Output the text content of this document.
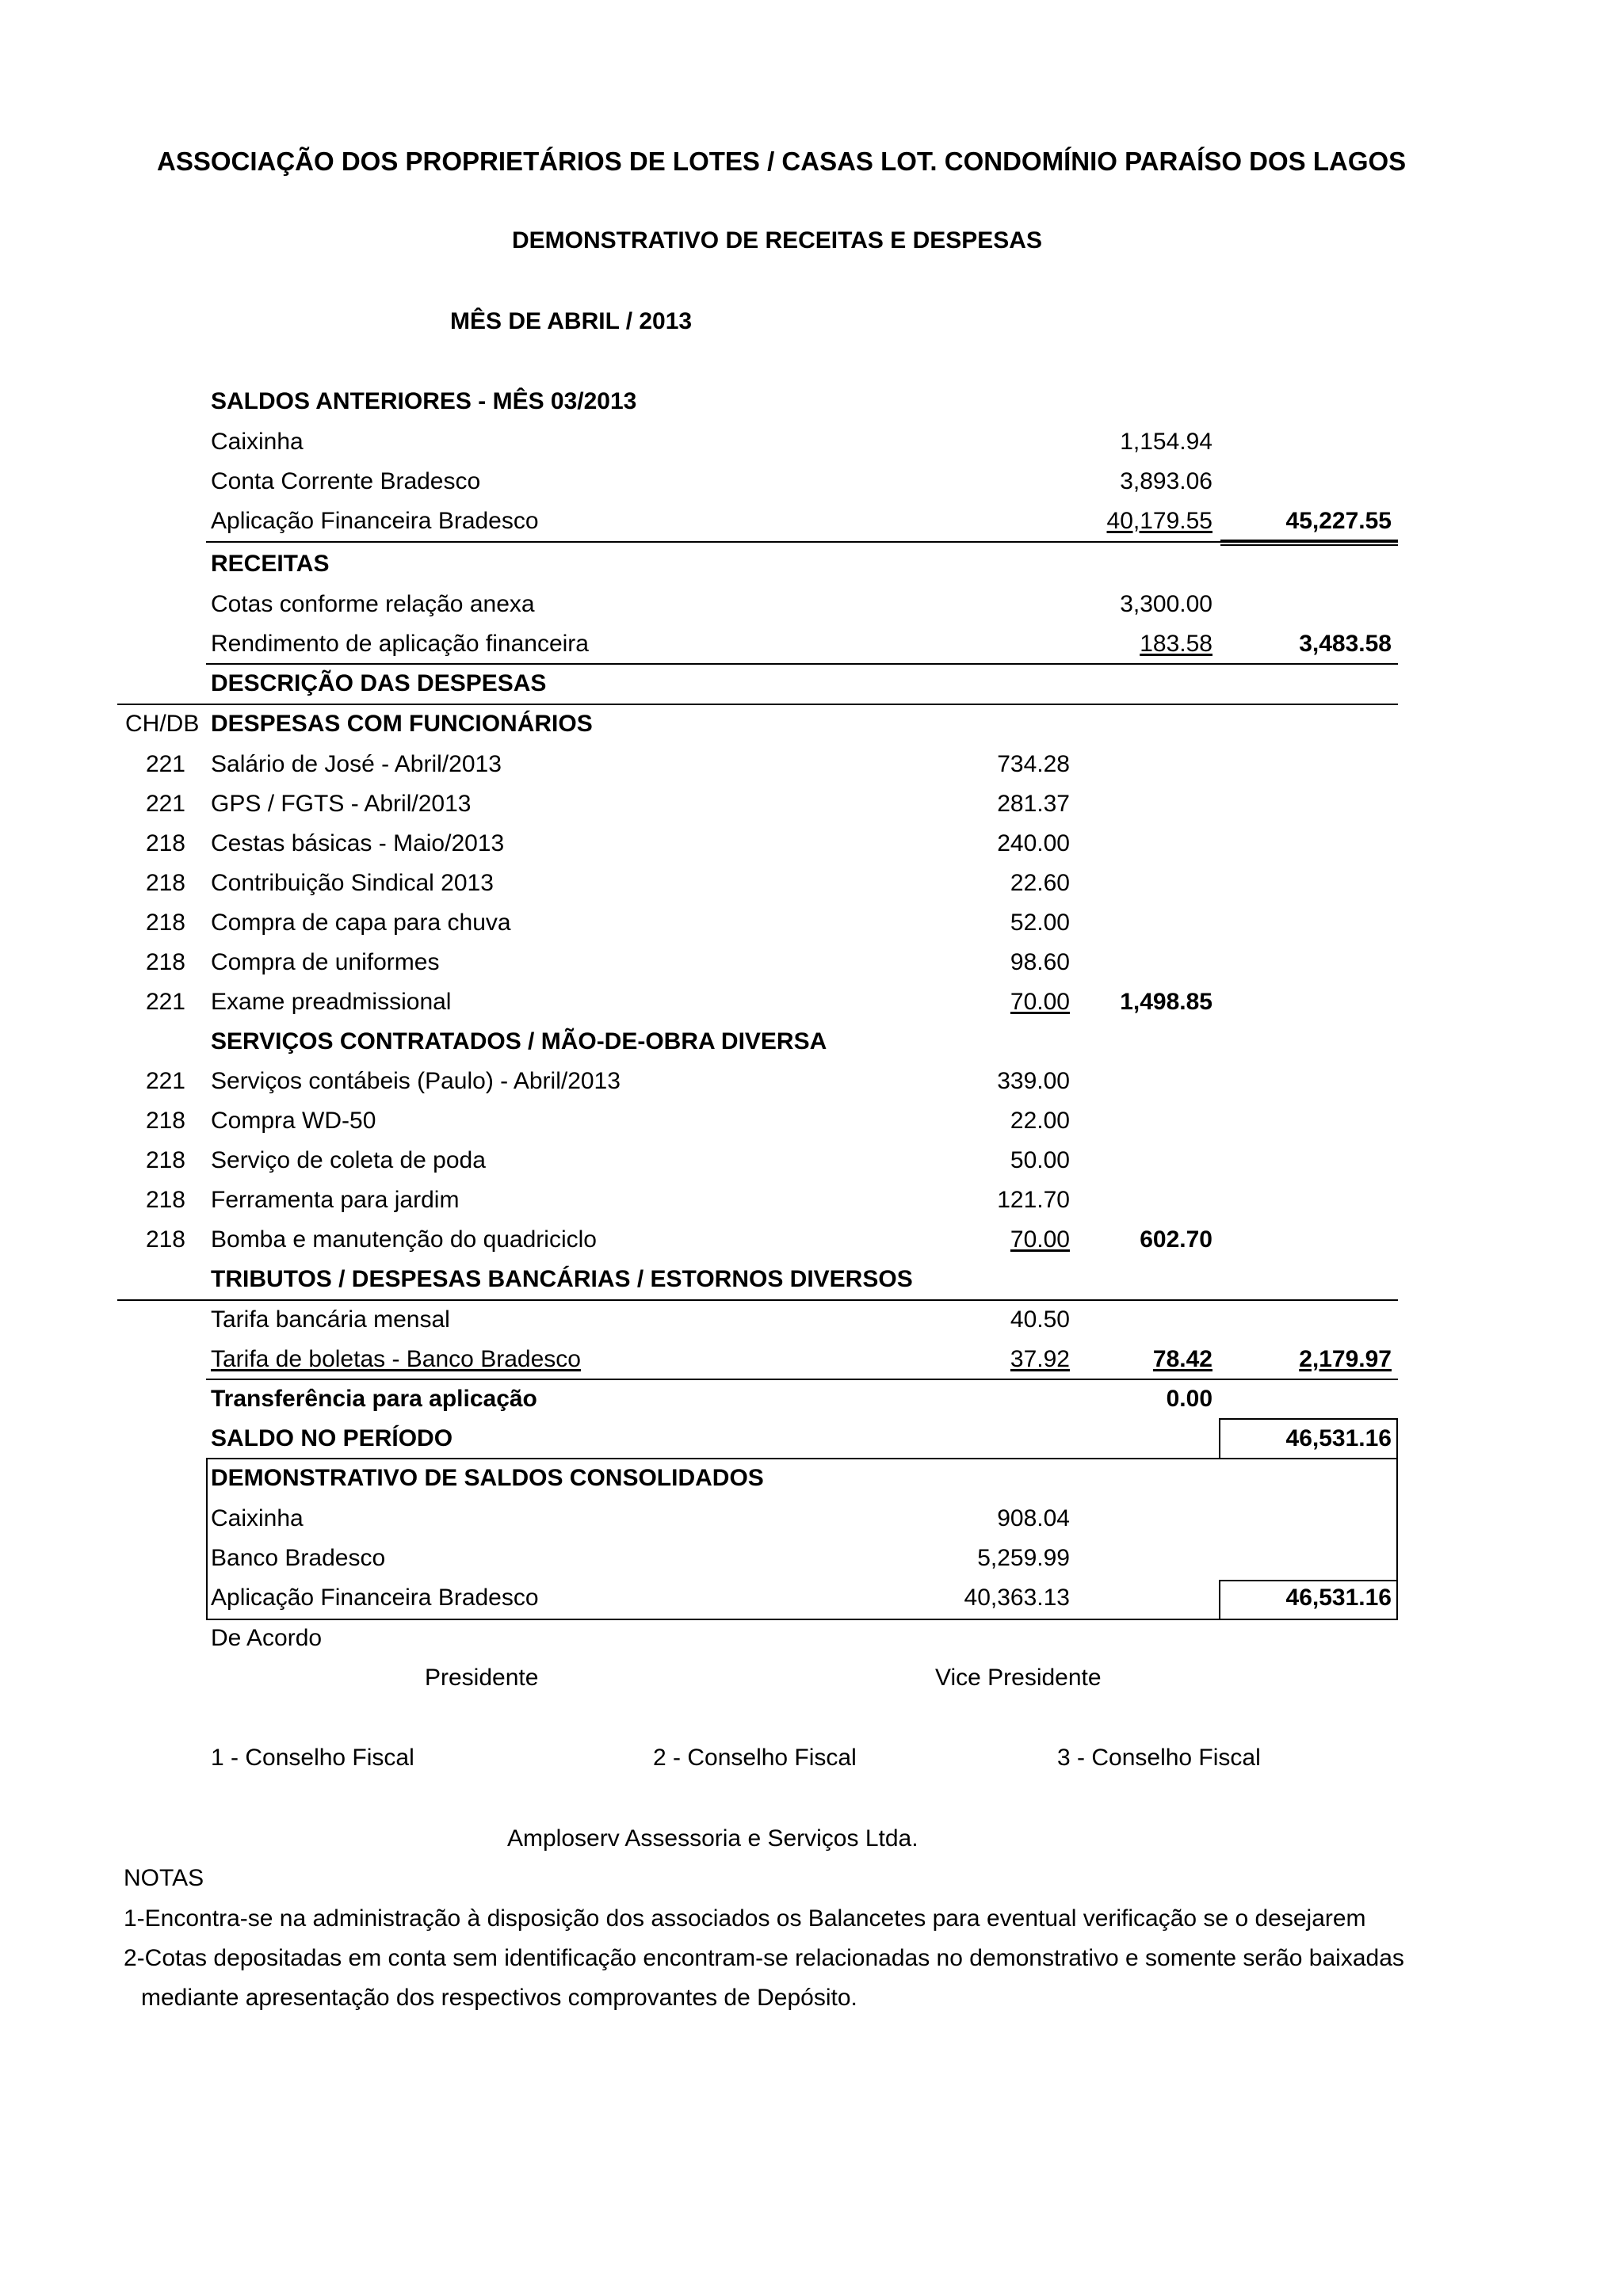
ASSOCIAÇÃO DOS PROPRIETÁRIOS DE LOTES / CASAS LOT. CONDOMÍNIO PARAÍSO DOS LAGOS
DEMONSTRATIVO DE RECEITAS E DESPESAS
MÊS DE ABRIL / 2013
SALDOS ANTERIORES - MÊS 03/2013
Caixinha	1,154.94
Conta Corrente Bradesco	3,893.06
Aplicação Financeira Bradesco	40,179.55	45,227.55
RECEITAS
Cotas conforme relação anexa	3,300.00
Rendimento de aplicação financeira	183.58	3,483.58
DESCRIÇÃO DAS DESPESAS
CH/DB DESPESAS COM FUNCIONÁRIOS
221 Salário de José - Abril/2013	734.28
221 GPS / FGTS - Abril/2013	281.37
218 Cestas básicas - Maio/2013	240.00
218 Contribuição Sindical 2013	22.60
218 Compra de capa para chuva	52.00
218 Compra de uniformes	98.60
221 Exame preadmissional	70.00	1,498.85
SERVIÇOS CONTRATADOS / MÃO-DE-OBRA DIVERSA
221 Serviços contábeis (Paulo) - Abril/2013	339.00
218 Compra WD-50	22.00
218 Serviço de coleta de poda	50.00
218 Ferramenta para jardim	121.70
218 Bomba e manutenção do quadriciclo	70.00	602.70
TRIBUTOS / DESPESAS BANCÁRIAS / ESTORNOS DIVERSOS
Tarifa bancária mensal	40.50
Tarifa de boletas - Banco Bradesco	37.92	78.42	2,179.97
Transferência para aplicação	0.00
SALDO NO PERÍODO	46,531.16
DEMONSTRATIVO DE SALDOS CONSOLIDADOS
Caixinha	908.04
Banco Bradesco	5,259.99
Aplicação Financeira Bradesco	40,363.13	46,531.16
De Acordo
Presidente	Vice Presidente
1 - Conselho Fiscal	2 - Conselho Fiscal	3 - Conselho Fiscal
Amploserv Assessoria e Serviços Ltda.
NOTAS
1-Encontra-se na administração à disposição dos associados os Balancetes para eventual verificação se o desejarem
2-Cotas depositadas em conta sem identificação encontram-se relacionadas no demonstrativo e somente serão baixadas
mediante apresentação dos respectivos comprovantes de Depósito.
